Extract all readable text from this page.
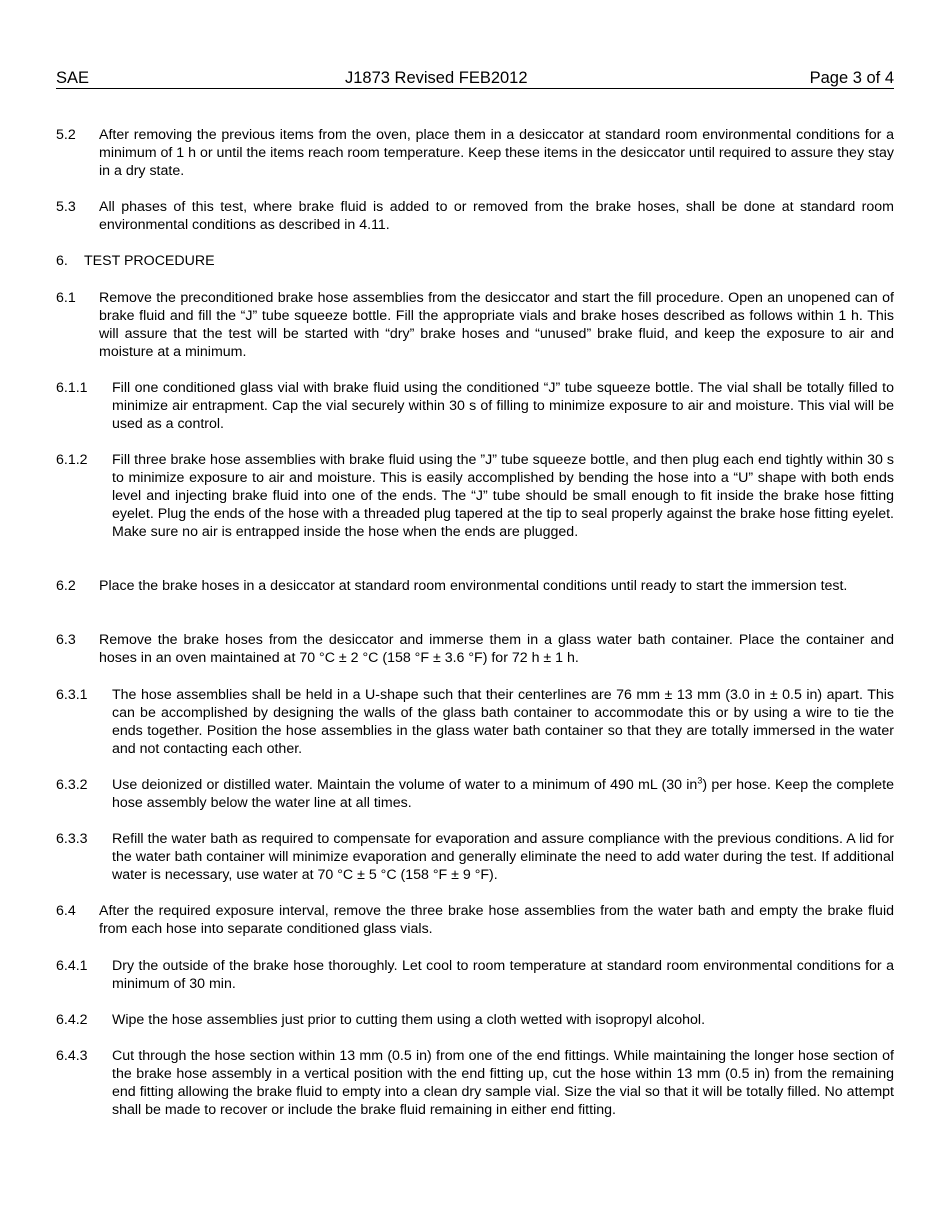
SAE	J1873 Revised FEB2012	Page 3 of 4
5.2 After removing the previous items from the oven, place them in a desiccator at standard room environmental conditions for a minimum of 1 h or until the items reach room temperature. Keep these items in the desiccator until required to assure they stay in a dry state.
5.3 All phases of this test, where brake fluid is added to or removed from the brake hoses, shall be done at standard room environmental conditions as described in 4.11.
6. TEST PROCEDURE
6.1 Remove the preconditioned brake hose assemblies from the desiccator and start the fill procedure. Open an unopened can of brake fluid and fill the “J” tube squeeze bottle. Fill the appropriate vials and brake hoses described as follows within 1 h. This will assure that the test will be started with “dry” brake hoses and “unused” brake fluid, and keep the exposure to air and moisture at a minimum.
6.1.1 Fill one conditioned glass vial with brake fluid using the conditioned “J” tube squeeze bottle. The vial shall be totally filled to minimize air entrapment. Cap the vial securely within 30 s of filling to minimize exposure to air and moisture. This vial will be used as a control.
6.1.2 Fill three brake hose assemblies with brake fluid using the ”J” tube squeeze bottle, and then plug each end tightly within 30 s to minimize exposure to air and moisture. This is easily accomplished by bending the hose into a “U” shape with both ends level and injecting brake fluid into one of the ends. The “J” tube should be small enough to fit inside the brake hose fitting eyelet. Plug the ends of the hose with a threaded plug tapered at the tip to seal properly against the brake hose fitting eyelet. Make sure no air is entrapped inside the hose when the ends are plugged.
6.2 Place the brake hoses in a desiccator at standard room environmental conditions until ready to start the immersion test.
6.3 Remove the brake hoses from the desiccator and immerse them in a glass water bath container. Place the container and hoses in an oven maintained at 70 °C ± 2 °C (158 °F ± 3.6 °F) for 72 h ± 1 h.
6.3.1 The hose assemblies shall be held in a U-shape such that their centerlines are 76 mm ± 13 mm (3.0 in ± 0.5 in) apart. This can be accomplished by designing the walls of the glass bath container to accommodate this or by using a wire to tie the ends together. Position the hose assemblies in the glass water bath container so that they are totally immersed in the water and not contacting each other.
6.3.2 Use deionized or distilled water. Maintain the volume of water to a minimum of 490 mL (30 $in^3$) per hose. Keep the complete hose assembly below the water line at all times.
6.3.3 Refill the water bath as required to compensate for evaporation and assure compliance with the previous conditions. A lid for the water bath container will minimize evaporation and generally eliminate the need to add water during the test. If additional water is necessary, use water at 70 °C ± 5 °C (158 °F ± 9 °F).
6.4 After the required exposure interval, remove the three brake hose assemblies from the water bath and empty the brake fluid from each hose into separate conditioned glass vials.
6.4.1 Dry the outside of the brake hose thoroughly. Let cool to room temperature at standard room environmental conditions for a minimum of 30 min.
6.4.2 Wipe the hose assemblies just prior to cutting them using a cloth wetted with isopropyl alcohol.
6.4.3 Cut through the hose section within 13 mm (0.5 in) from one of the end fittings. While maintaining the longer hose section of the brake hose assembly in a vertical position with the end fitting up, cut the hose within 13 mm (0.5 in) from the remaining end fitting allowing the brake fluid to empty into a clean dry sample vial. Size the vial so that it will be totally filled. No attempt shall be made to recover or include the brake fluid remaining in either end fitting.
